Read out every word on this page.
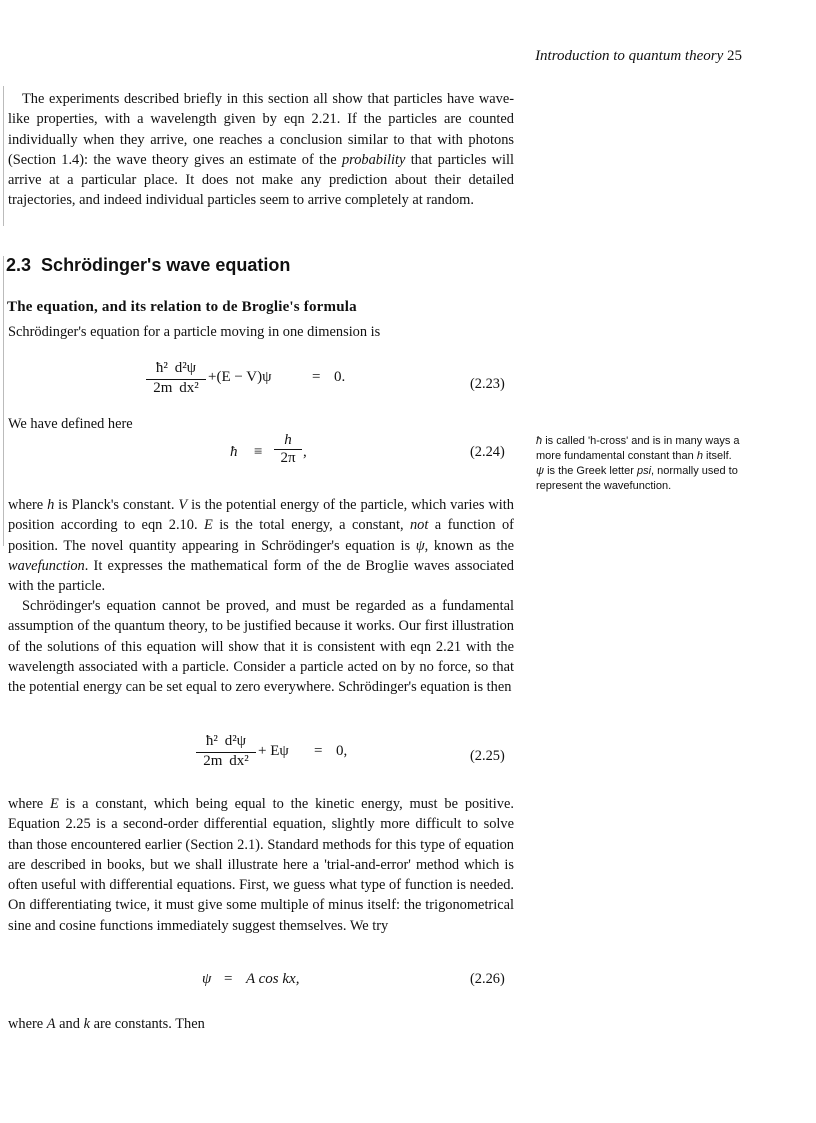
Introduction to quantum theory 25
The experiments described briefly in this section all show that particles have wave-like properties, with a wavelength given by eqn 2.21. If the particles are counted individually when they arrive, one reaches a conclusion similar to that with photons (Section 1.4): the wave theory gives an estimate of the probability that particles will arrive at a particular place. It does not make any prediction about their detailed trajectories, and indeed individual particles seem to arrive completely at random.
2.3 Schrödinger's wave equation
The equation, and its relation to de Broglie's formula
Schrödinger's equation for a particle moving in one dimension is
ħ²  d²ψ
2m  dx²
+(E − V)ψ	= 0.	(2.23)
We have defined here
ħ ≡
h
2π ,	(2.24)
ħ is called 'h-cross' and is in many ways a more fundamental constant than h itself. ψ is the Greek letter psi, normally used to represent the wavefunction.
where h is Planck's constant. V is the potential energy of the particle, which varies with position according to eqn 2.10. E is the total energy, a constant, not a function of position. The novel quantity appearing in Schrödinger's equation is ψ, known as the wavefunction. It expresses the mathematical form of the de Broglie waves associated with the particle.
Schrödinger's equation cannot be proved, and must be regarded as a fundamental assumption of the quantum theory, to be justified because it works. Our first illustration of the solutions of this equation will show that it is consistent with eqn 2.21 with the wavelength associated with a particle. Consider a particle acted on by no force, so that the potential energy can be set equal to zero everywhere. Schrödinger's equation is then
ħ²  d²ψ
2m  dx²
+ Eψ = 0,	(2.25)
where E is a constant, which being equal to the kinetic energy, must be positive. Equation 2.25 is a second-order differential equation, slightly more difficult to solve than those encountered earlier (Section 2.1). Standard methods for this type of equation are described in books, but we shall illustrate here a 'trial-and-error' method which is often useful with differential equations. First, we guess what type of function is needed. On differentiating twice, it must give some multiple of minus itself: the trigonometrical sine and cosine functions immediately suggest themselves. We try
ψ = A cos kx,	(2.26)
where A and k are constants. Then
